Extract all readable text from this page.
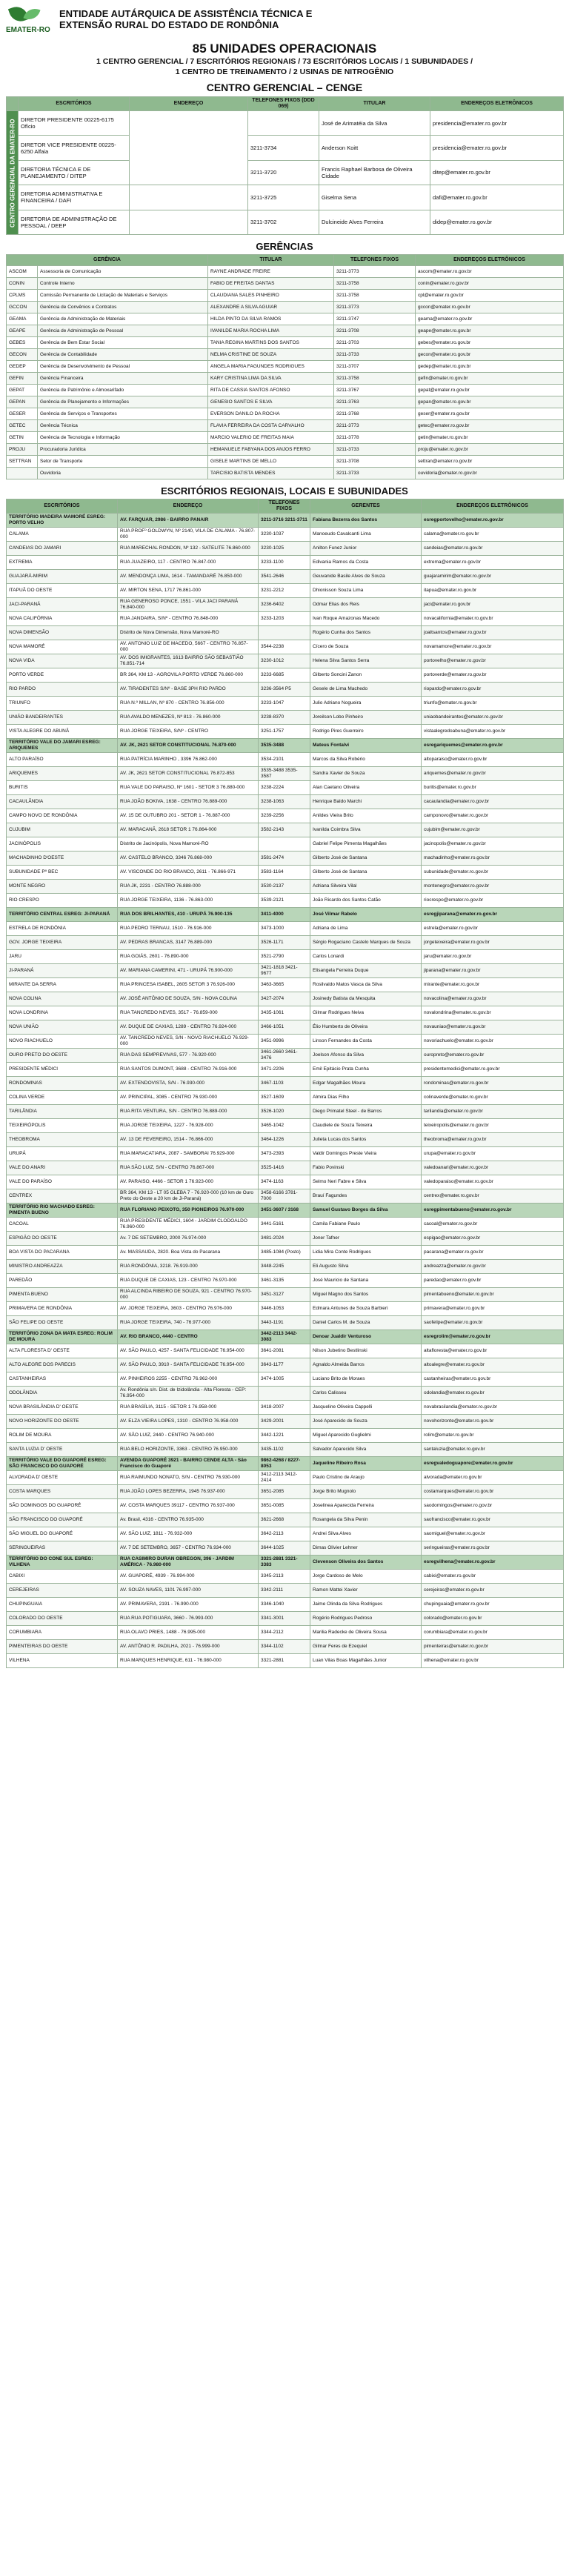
EMATER-RO
ENTIDADE AUTÁRQUICA DE ASSISTÊNCIA TÉCNICA E
EXTENSÃO RURAL DO ESTADO DE RONDÔNIA
85 UNIDADES OPERACIONAIS
1 CENTRO GERENCIAL / 7 ESCRITÓRIOS REGIONAIS / 73 ESCRITÓRIOS LOCAIS / 1 SUBUNIDADES /
1 CENTRO DE TREINAMENTO / 2 USINAS DE NITROGÊNIO
CENTRO GERENCIAL – CENGE
	ESCRITÓRIOS	ENDEREÇO	TELEFONES FIXOS (DDD 069)	TITULAR	ENDEREÇOS ELETRÔNICOS
CENTRO GERENCIAL DA EMATER-RO	DIRETOR PRESIDENTE 00225-6175 Ofício			José de Arimatéia da Silva	presidencia@emater.ro.gov.br
	DIRETOR VICE PRESIDENTE 00225-6250 Alfaia		3211-3734	Anderson Koitt	presidencia@emater.ro.gov.br
	DIRETORIA TÉCNICA E DE PLANEJAMENTO / DITEP		3211-3720	Francis Raphael Barbosa de Oliveira Cidade	ditep@emater.ro.gov.br
	DIRETORIA ADMINISTRATIVA E FINANCEIRA / DAFI		3211-3725	Giselma Sena	dafi@emater.ro.gov.br
	DIRETORIA DE ADMINISTRAÇÃO DE PESSOAL / DEEP		3211-3702	Dulcineide Alves Ferreira	didep@emater.ro.gov.br
GERÊNCIAS
GERÊNCIA		TITULAR	TELEFONES FIXOS	ENDEREÇOS ELETRÔNICOS
ASCOM	Assessoria de Comunicação	RAYNE ANDRADE FREIRE	3211-3773	ascom@emater.ro.gov.br
CONIN	Controle Interno	FABIO DE FREITAS DANTAS	3211-3758	conin@emater.ro.gov.br
CPLMS	Comissão Permanente de Licitação de Materiais e Serviços	CLAUDIANA SALES PINHEIRO	3211-3758	cpl@emater.ro.gov.br
GCCON	Gerência de Convênios e Contratos	ALEXANDRE A SILVA AGUIAR	3211-3773	gccon@emater.ro.gov.br
GEAMA	Gerência de Administração de Materiais	HILDA PINTO DA SILVA RAMOS	3211-3747	geama@emater.ro.gov.br
GEAPE	Gerência de Administração de Pessoal	IVANILDE MARIA ROCHA LIMA	3211-3708	geape@emater.ro.gov.br
GEBES	Gerência de Bem Estar Social	TANIA REGINA MARTINS DOS SANTOS	3211-3703	gebes@emater.ro.gov.br
GECON	Gerência de Contabilidade	NELMA CRISTINE DE SOUZA	3211-3733	gecon@emater.ro.gov.br
GEDEP	Gerência de Desenvolvimento de Pessoal	ANGELA MARIA FAGUNDES RODRIGUES	3211-3707	gedep@emater.ro.gov.br
GEFIN	Gerência Financeira	KARY CRISTINA LIMA DA SILVA	3211-3758	gefin@emater.ro.gov.br
GEPAT	Gerência de Patrimônio e Almoxarifado	RITA DE CASSIA SANTOS AFONSO	3211-3767	gepat@emater.ro.gov.br
GEPAN	Gerência de Planejamento e Informações	GENESIO SANTOS E SILVA	3211-3763	gepan@emater.ro.gov.br
GESER	Gerência de Serviços e Transportes	EVERSON DANILO DA ROCHA	3211-3768	geser@emater.ro.gov.br
GETEC	Gerência Técnica	FLAVIA FERREIRA DA COSTA CARVALHO	3211-3773	getec@emater.ro.gov.br
GETIN	Gerência de Tecnologia e Informação	MARCIO VALERIO DE FREITAS MAIA	3211-3778	getin@emater.ro.gov.br
PROJU	Procuradoria Jurídica	HEMANUELE FABYANA DOS ANJOS FERRO	3211-3733	proju@emater.ro.gov.br
SETTRAN	Setor de Transporte	GISELE MARTINS DE MELLO	3211-3708	settran@emater.ro.gov.br
	Ouvidoria	TARCISIO BATISTA MENDES	3211-3733	ouvidoria@emater.ro.gov.br
ESCRITÓRIOS REGIONAIS, LOCAIS E SUBUNIDADES
ESCRITÓRIOS	ENDEREÇO	TELEFONES FIXOS	GERENTES	ENDEREÇOS ELETRÔNICOS
TERRITÓRIO MADEIRA MAMORÉ ESREG: PORTO VELHO	AV. FARQUAR, 2986 - BAIRRO PANAIR	3211-3716 3211-3711	Fabiana Bezerra dos Santos	esregportovelho@emater.ro.gov.br
CALAMA	RUA PROFº GOLDWYN, Nº 2140, VILA DE CALAMA - 76.807-000	3230-1037	Manoeudo Cavalcanti Lima	calama@emater.ro.gov.br
CANDEIAS DO JAMARI	RUA MARECHAL RONDON, Nº 132 - SATELITE 76.860-000	3230-1025	Anilton Funez Junior	candeias@emater.ro.gov.br
EXTREMA	RUA JUAZEIRO, 117 - CENTRO 76.847-000	3233-1100	Edivania Ramos da Costa	extrema@emater.ro.gov.br
GUAJARÁ-MIRIM	AV. MENDONÇA LIMA, 1614 - TAMANDARÉ 76.850-000	3541-2646	Geuvanide Basile Alves de Souza	guajaramirim@emater.ro.gov.br
ITAPUÃ DO OESTE	AV. MIRTON SENA, 1717 76.861-000	3231-2212	Dhionisson Souza Lima	itapua@emater.ro.gov.br
JACI-PARANÁ	RUA GENEROSO PONCE, 1551 - VILA JACI PARANÁ 76.840-000	3236-6402	Odmar Elias dos Reis	jaci@emater.ro.gov.br
NOVA CALIFÓRNIA	RUA JANDAIRA, S/Nº - CENTRO 76.848-000	3233-1203	Ivan Roque Amazonas Macedo	novacalifornia@emater.ro.gov.br
NOVA DIMENSÃO	Distrito de Nova Dimensão, Nova Mamoré-RO		Rogério Cunha dos Santos	joaltsantos@emater.ro.gov.br
NOVA MAMORÉ	AV. ANTONIO LUIZ DE MACEDO, 5667 - CENTRO 76.857-000	3544-2238	Cícero de Souza	novamamore@emater.ro.gov.br
NOVA VIDA	AV. DOS IMIGRANTES, 1613 BAIRRO SÃO SEBASTIÃO 76.851-714	3230-1012	Helena Silva Santos Serra	portovelho@emater.ro.gov.br
PORTO VERDE	BR 364, KM 13 - AGROVILA PORTO VERDE 76.860-000	3233-6685	Gilberto Soncini Zanon	portoverde@emater.ro.gov.br
RIO PARDO	AV. TIRADENTES S/Nº - BASE 3PH RIO PARDO	3236-3564 P5	Gesele de Lima Machedo	riopardo@emater.ro.gov.br
TRIUNFO	RUA N.º MILLAN, Nº 870 - CENTRO 76.856-000	3233-1047	Julio Adriano Nogueira	triunfo@emater.ro.gov.br
UNIÃO BANDEIRANTES	RUA AVALDO MENEZES, Nº 813 - 76.860-000	3238-8370	Joreilson Lobo Pinheiro	uniaobandeirantes@emater.ro.gov.br
VISTA ALEGRE DO ABUNÃ	RUA JORGE TEIXEIRA, S/Nº - CENTRO	3251-1757	Rodrigo Pires Guerreiro	vistaalegredoabuna@emater.ro.gov.br
TERRITÓRIO VALE DO JAMARI ESREG: ARIQUEMES	AV. JK, 2621 SETOR CONSTITUCIONAL 76.870-000	3535-3488	Mateus Fontalvi	esregariquemes@emater.ro.gov.br
ALTO PARAÍSO	RUA PATRÍCIA MARINHO , 3396 76.862-000	3534-2101	Marcos da Silva Robério	altoparaiso@emater.ro.gov.br
ARIQUEMES	AV. JK, 2621 SETOR CONSTITUCIONAL 76.872-853	3535-3488 3535-3587	Sandra Xavier de Souza	ariquemes@emater.ro.gov.br
BURITIS	RUA VALE DO PARAISO, Nº 1601 - SETOR 3 76.880-000	3238-2224	Alan Caetano Oliveira	buritis@emater.ro.gov.br
CACAULÂNDIA	RUA JOÃO BOKIVA, 1638 - CENTRO 76.889-000	3238-1063	Henrique Baldo Marchi	cacaulandia@emater.ro.gov.br
CAMPO NOVO DE RONDÔNIA	AV. 15 DE OUTUBRO 201 - SETOR 1 - 76.887-000	3239-2256	Anildes Vieira Brito	camponovo@emater.ro.gov.br
CUJUBIM	AV. MARACANÃ, 2618 SETOR 1 76.864-000	3582-2143	Ivanilda Coimbra Silva	cujubim@emater.ro.gov.br
JACINÓPOLIS	Distrito de Jacinópolis, Nova Mamoré-RO		Gabriel Felipe Pimenta Magalhães	jacinopolis@emater.ro.gov.br
MACHADINHO D'OESTE	AV. CASTELO BRANCO, 3346 76.868-000	3581-2474	Gilberto José de Santana	machadinho@emater.ro.gov.br
SUBUNIDADE Pº BEC	AV. VISCONDE DO RIO BRANCO, 2611 - 76.866-971	3583-1164	Gilberto José de Santana	subunidade@emater.ro.gov.br
MONTE NEGRO	RUA JK, 2231 - CENTRO 76.888-000	3530-2137	Adriana Silveira Vilal	montenegro@emater.ro.gov.br
RIO CRESPO	RUA JORGE TEIXEIRA, 1136 - 76.863-000	3539-2121	João Ricardo dos Santos Catão	riocrespo@emater.ro.gov.br
TERRITÓRIO CENTRAL ESREG: JI-PARANÁ	RUA DOS BRILHANTES, 410 - URUPÁ 76.900-135	3411-4000	José Vilmar Rabelo	esregjiparana@emater.ro.gov.br
ESTRELA DE RONDÔNIA	RUA PEDRO TERNAU, 1510 - 76.916-000	3473-1000	Adriana de Lima	estrela@emater.ro.gov.br
GOV. JORGE TEIXEIRA	AV. PEDRAS BRANCAS, 3147 76.889-000	3526-1171	Sérgio Rogaciano Castelo Marques de Souza	jorgeteixeira@emater.ro.gov.br
JARU	RUA GOIÁS, 2601 - 76.890-000	3521-2790	Carlos Lonardi	jaru@emater.ro.gov.br
JI-PARANÁ	AV. MARIANA CAMERINI, 471 - URUPÁ 76.900-000	3421-1818 3421-9677	Elisangela Ferreira Duque	jiparana@emater.ro.gov.br
MIRANTE DA SERRA	RUA PRINCESA ISABEL, 2605 SETOR 3 76.926-000	3463-3665	Rosilvaldo Matos Vasca da Silva	mirante@emater.ro.gov.br
NOVA COLINA	AV. JOSÉ ANTÔNIO DE SOUZA, S/N - NOVA COLINA	3427-2074	Josinedy Batista da Mesquita	novacolina@emater.ro.gov.br
NOVA LONDRINA	RUA TANCREDO NEVES, 3517 - 76.859-000	3435-1061	Gilmar Rodrigues Neiva	novalondrina@emater.ro.gov.br
NOVA UNIÃO	AV. DUQUE DE CAXIAS, 1289 - CENTRO 76.924-000	3466-1051	Élio Humberto de Oliveira	novauniao@emater.ro.gov.br
NOVO RIACHUELO	AV. TANCREDO NEVES, S/N - NOVO RIACHUELO 76.929-000	3451-9996	Linson Fernandes da Costa	novoriachuelo@emater.ro.gov.br
OURO PRETO DO OESTE	RUA DAS SEMPREVIVAS, 577 - 76.920-000	3461-2660 3461-3476	Joelson Afonso da Silva	ouropreto@emater.ro.gov.br
PRESIDENTE MÉDICI	RUA SANTOS DUMONT, 3688 - CENTRO 76.916-000	3471-2206	Emil Epitácio Prata Cunha	presidentemedici@emater.ro.gov.br
RONDOMINAS	AV. EXTENDOVISTA, S/N - 76.930-000	3467-1103	Edgar Magalhães Moura	rondominas@emater.ro.gov.br
COLINA VERDE	AV. PRINCIPAL, 3085 - CENTRO 76.930-000	3527-1609	Almira Dias Filho	colinaverde@emater.ro.gov.br
TARILÂNDIA	RUA RITA VENTURA, S/N - CENTRO 76.889-000	3526-1020	Diego Primatel Steel - de Barros	tarilandia@emater.ro.gov.br
TEIXEIRÓPOLIS	RUA JORGE TEIXEIRA, 1227 - 76.928-000	3465-1042	Claudiele de Souza Teixeira	teixeiropolis@emater.ro.gov.br
THEOBROMA	AV. 13 DE FEVEREIRO, 1514 - 76.866-000	3464-1226	Julieta Lucas dos Santos	theobroma@emater.ro.gov.br
URUPÁ	RUA MARACATIARA, 2087 - SAMBORAI 76.929-000	3473-2393	Valdir Domingos Preste Vieira	urupa@emater.ro.gov.br
VALE DO ANARI	RUA SÃO LUIZ, S/N - CENTRO 76.867-000	3525-1416	Fabio Povinski	valedoanari@emater.ro.gov.br
VALE DO PARAÍSO	AV. PARAISO, 4466 - SETOR 1 76.923-000	3474-1163	Selmo Neri Fabre e Silva	valedoparaiso@emater.ro.gov.br
CENTREX	BR 364, KM 13 - LT 05 GLEBA 7 - 76.920-000 (10 km de Ouro Preto do Oeste a 20 km de Ji-Paraná)	3458-6166 3781-7000	Brauí Fagundes	centrex@emater.ro.gov.br
TERRITÓRIO RIO MACHADO ESREG: PIMENTA BUENO	RUA FLORIANO PEIXOTO, 350 PIONEIROS 76.970-000	3451-3607 / 3168	Samuel Gustavo Borges da Silva	esregpimentabueno@emater.ro.gov.br
CACOAL	RUA PRESIDENTE MÉDICI, 1604 - JARDIM CLODOALDO 76.960-000	3441-5161	Camila Fabiane Paulo	cacoal@emater.ro.gov.br
ESPIGÃO DO OESTE	Av. 7 DE SETEMBRO, 2000 76.974-000	3481-2024	Joner Tafner	espigao@emater.ro.gov.br
BOA VISTA DO PACARANA	Av. MASSAUDA, 2820. Boa Vista do Pacarana	3485-1084 (Posto)	Lidia Mira Conte Rodrigues	pacarana@emater.ro.gov.br
MINISTRO ANDREAZZA	RUA RONDÔNIA, 3218. 76.919-000	3448-2245	Eli Augusto Silva	andreazza@emater.ro.gov.br
PAREDÃO	RUA DUQUE DE CAXIAS, 123 - CENTRO 76.970-000	3461-3135	José Mauricio de Santana	paredao@emater.ro.gov.br
PIMENTA BUENO	RUA ALCINDA RIBEIRO DE SOUZA, 921 - CENTRO 76.970-000	3451-3127	Miguel Magno dos Santos	pimentabueno@emater.ro.gov.br
PRIMAVERA DE RONDÔNIA	AV. JORGE TEIXEIRA, 3603 - CENTRO 76.976-000	3446-1053	Edmara Antunes de Souza Barbieri	primavera@emater.ro.gov.br
SÃO FELIPE DO OESTE	RUA JORGE TEIXEIRA, 740 - 76.977-000	3443-1191	Daniel Carlos M. de Souza	saofelipe@emater.ro.gov.br
TERRITÓRIO ZONA DA MATA ESREG: ROLIM DE MOURA	AV. RIO BRANCO, 4440 - CENTRO	3442-2113 3442-3083	Denoar Jualdir Venturoso	esregrolim@emater.ro.gov.br
ALTA FLORESTA D' OESTE	AV. SÃO PAULO, 4257 - SANTA FELICIDADE 76.954-000	3641-2081	Nilson Jubetino Bestlinski	altafloresta@emater.ro.gov.br
ALTO ALEGRE DOS PARECIS	AV. SÃO PAULO, 3910 - SANTA FELICIDADE 76.954-000	3643-1177	Agnaldo Almeida Barros	altoalegre@emater.ro.gov.br
CASTANHEIRAS	AV. PINHEIROS 2255 - CENTRO 76.962-000	3474-1005	Luciano Brito de Moraes	castanheiras@emater.ro.gov.br
ODOLÂNDIA	Av. Rondônia s/n. Dist. de Izidolândia - Alta Floresta - CEP: 76.954-000		Carlos Calisseu	odolandia@emater.ro.gov.br
NOVA BRASILÂNDIA D' OESTE	RUA BRASÍLIA, 3115 - SETOR 1 76.958-000	3418-2007	Jacqueline Oliveira Cappelli	novabrasilandia@emater.ro.gov.br
NOVO HORIZONTE DO OESTE	AV. ELZA VIEIRA LOPES, 1310 - CENTRO 76.958-000	3429-2001	José Aparecido de Souza	novohorizonte@emater.ro.gov.br
ROLIM DE MOURA	AV. SÃO LUIZ, 2440 - CENTRO 76.940-000	3442-1221	Miguel Aparecido Guglielmi	rolim@emater.ro.gov.br
SANTA LUZIA D' OESTE	RUA BELO HORIZONTE, 3363 - CENTRO 76.950-000	3435-1102	Salvador Aparecido Silva	santaluzia@emater.ro.gov.br
TERRITÓRIO VALE DO GUAPORÉ ESREG: SÃO FRANCISCO DO GUAPORÉ	AVENIDA GUAPORÉ 3921 - BAIRRO CENDE ALTA - São Francisco do Guaporé	9862-4268 / 8227-8053	Jaqueline Ribeiro Rosa	esregvaledoguapore@emater.ro.gov.br
ALVORADA D' OESTE	RUA RAIMUNDO NONATO, S/N - CENTRO 76.930-000	3412-2113 3412-2414	Paulo Cristino de Araujo	alvorada@emater.ro.gov.br
COSTA MARQUES	RUA JOÃO LOPES BEZERRA, 1945 76.937-000	3651-2085	Jorge Brito Mugnolo	costamarques@emater.ro.gov.br
SÃO DOMINGOS DO GUAPORÉ	AV. COSTA MARQUES 39117 - CENTRO 76.937-000	3651-0085	Joselinea Aparecida Ferreira	saodomingos@emater.ro.gov.br
SÃO FRANCISCO DO GUAPORÉ	Av. Brasil, 4316 - CENTRO 76.935-000	3621-2668	Rosangela da Silva Penin	saofrancisco@emater.ro.gov.br
SÃO MIGUEL DO GUAPORÉ	AV. SÃO LUIZ, 1811 - 76.932-000	3642-2113	Andrei Silva Alves	saomiguel@emater.ro.gov.br
SERINGUEIRAS	AV. 7 DE SETEMBRO, 3657 - CENTRO 76.934-000	3644-1025	Dimas Olivier Lehner	seringueiras@emater.ro.gov.br
TERRITÓRIO DO CONE SUL ESREG: VILHENA	RUA CASIMIRO DURAN OBREGON, 396 - JARDIM AMÉRICA - 76.980-000	3321-2881 3321-3383	Clevenson Oliveira dos Santos	esregvilhena@emater.ro.gov.br
CABIXI	AV. GUAPORÉ, 4939 - 76.994-000	3345-2113	Jorge Cardoso de Melo	cabixi@emater.ro.gov.br
CEREJEIRAS	AV. SOUZA NAVES, 1101 76.997-000	3342-2111	Ramon Mattei Xavier	cerejeiras@emater.ro.gov.br
CHUPINGUAIA	AV. PRIMAVERA, 2191 - 76.990-000	3346-1040	Jaime Olinda da Silva Rodrigues	chupinguaia@emater.ro.gov.br
COLORADO DO OESTE	RUA RUA POTIGUARA, 3660 - 76.993-000	3341-3001	Rogério Rodrigues Pedroso	colorado@emater.ro.gov.br
CORUMBIARA	RUA OLAVO PRIES, 1488 - 76.995-000	3344-2112	Marilia Radecke de Oliveira Sousa	corumbiara@emater.ro.gov.br
PIMENTEIRAS DO OESTE	AV. ANTÔNIO R. PADILHA, 2021 - 76.999-000	3344-1102	Gilmar Feres de Ezequiel	pimenteiras@emater.ro.gov.br
VILHENA	RUA MARQUES HENRIQUE, 611 - 76.980-000	3321-2881	Luan Vilas Boas Magalhães Junior	vilhena@emater.ro.gov.br
